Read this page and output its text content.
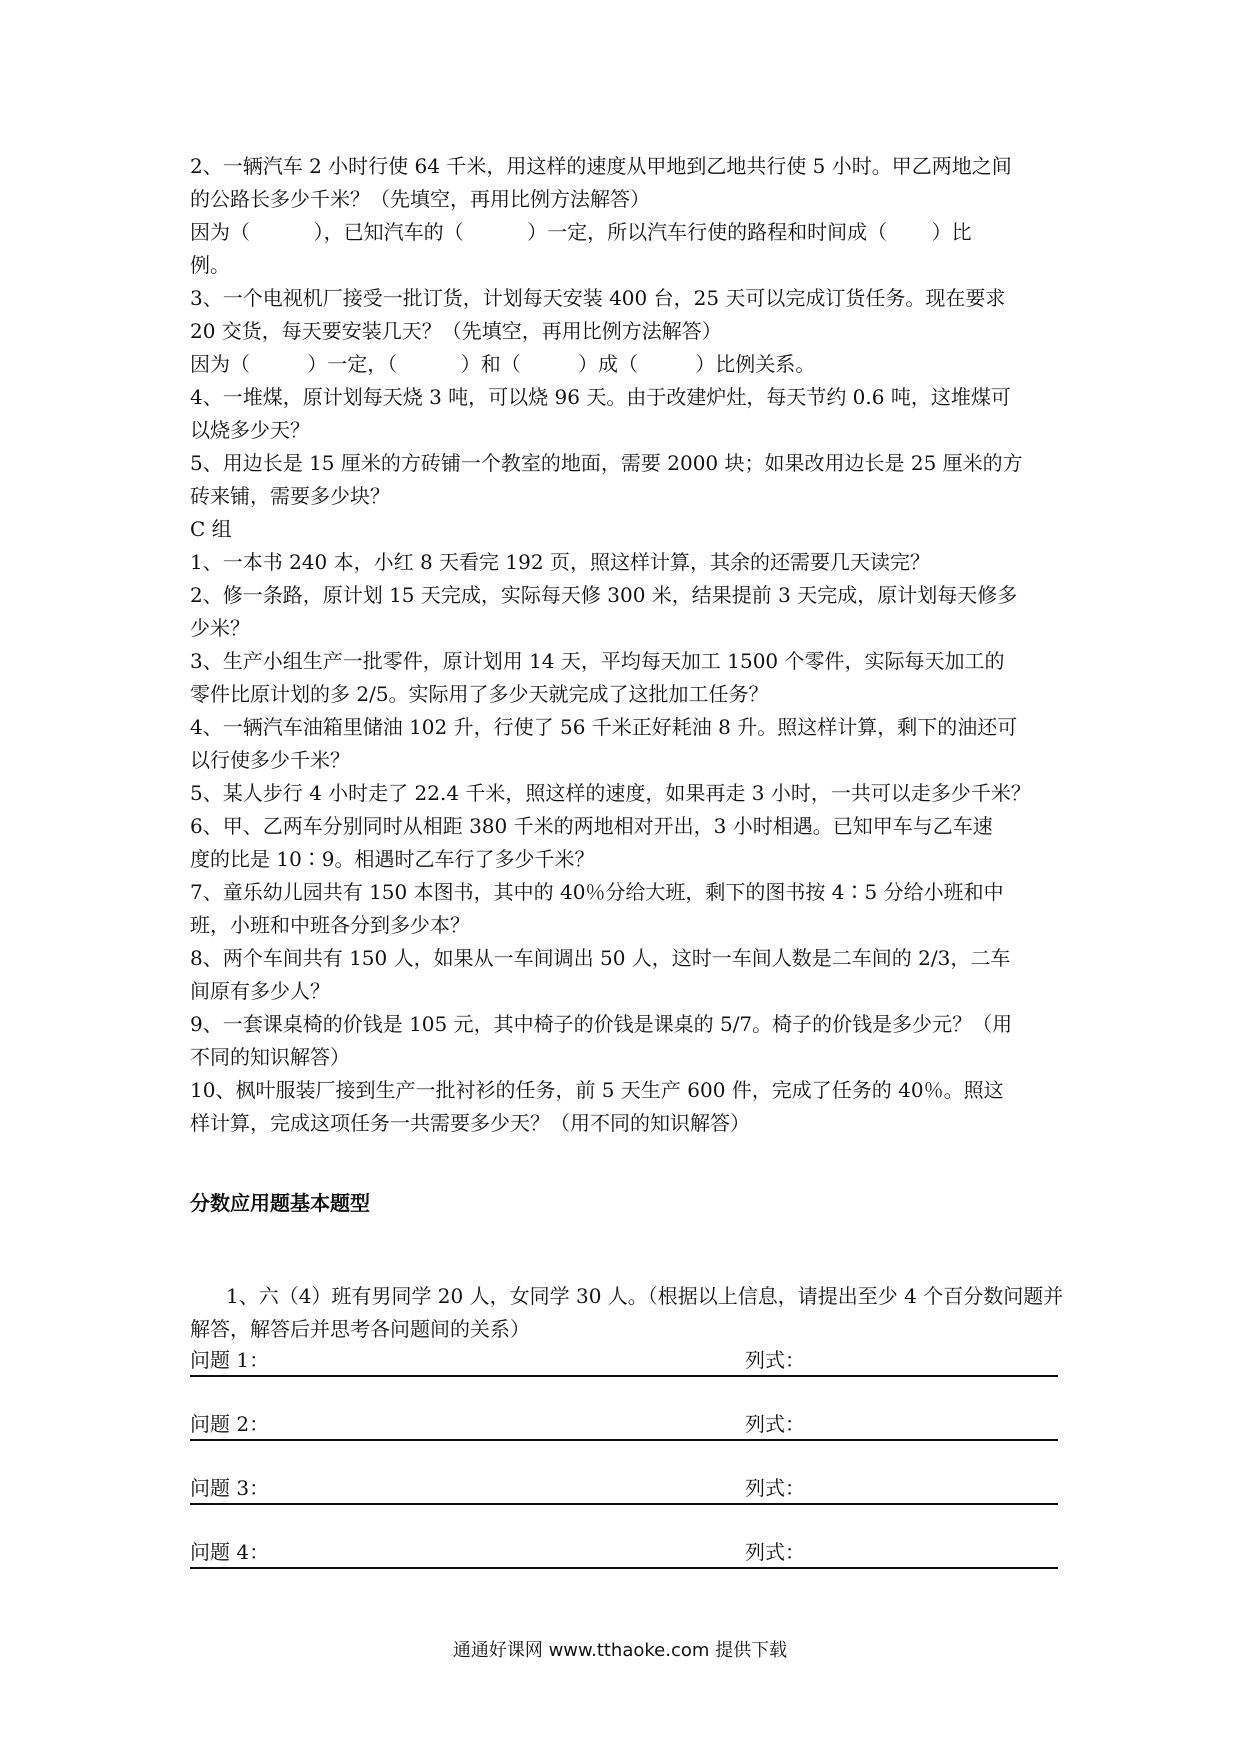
2、一辆汽车 2 小时行使 64 千米，用这样的速度从甲地到乙地共行使 5 小时。甲乙两地之间

的公路长多少千米？（先填空，再用比例方法解答）

因为（          ），已知汽车的（          ）一定，所以汽车行使的路程和时间成（       ）比

例。

3、一个电视机厂接受一批订货，计划每天安装 400 台，25 天可以完成订货任务。现在要求

20 交货，每天要安装几天？（先填空，再用比例方法解答）

因为（         ）一定，（          ）和（         ）成（         ）比例关系。

4、一堆煤，原计划每天烧 3 吨，可以烧 96 天。由于改建炉灶，每天节约 0.6 吨，这堆煤可

以烧多少天？

5、用边长是 15 厘米的方砖铺一个教室的地面，需要 2000 块；如果改用边长是 25 厘米的方

砖来铺，需要多少块？

C 组

1、一本书 240 本，小红 8 天看完 192 页，照这样计算，其余的还需要几天读完？

2、修一条路，原计划 15 天完成，实际每天修 300 米，结果提前 3 天完成，原计划每天修多

少米？

3、生产小组生产一批零件，原计划用 14 天，平均每天加工 1500 个零件，实际每天加工的

零件比原计划的多 2/5。实际用了多少天就完成了这批加工任务？

4、一辆汽车油箱里储油 102 升，行使了 56 千米正好耗油 8 升。照这样计算，剩下的油还可

以行使多少千米？

5、某人步行 4 小时走了 22.4 千米，照这样的速度，如果再走 3 小时，一共可以走多少千米？

6、甲、乙两车分别同时从相距 380 千米的两地相对开出，3 小时相遇。已知甲车与乙车速

度的比是 10∶9。相遇时乙车行了多少千米？

7、童乐幼儿园共有 150 本图书，其中的 40％分给大班，剩下的图书按 4∶5 分给小班和中

班，小班和中班各分到多少本？

8、两个车间共有 150 人，如果从一车间调出 50 人，这时一车间人数是二车间的 2/3，二车

间原有多少人？

9、一套课桌椅的价钱是 105 元，其中椅子的价钱是课桌的 5/7。椅子的价钱是多少元？（用

不同的知识解答）

10、枫叶服装厂接到生产一批衬衫的任务，前 5 天生产 600 件，完成了任务的 40％。照这

样计算，完成这项任务一共需要多少天？（用不同的知识解答）

分数应用题基本题型

1、六（4）班有男同学 20 人，女同学 30 人。（根据以上信息，请提出至少 4 个百分数问题并解答，解答后并思考各问题间的关系）

问题 1：	列式：
问题 2：	列式：
问题 3：	列式：
问题 4：	列式：
通通好课网 www.tthaoke.com 提供下载
